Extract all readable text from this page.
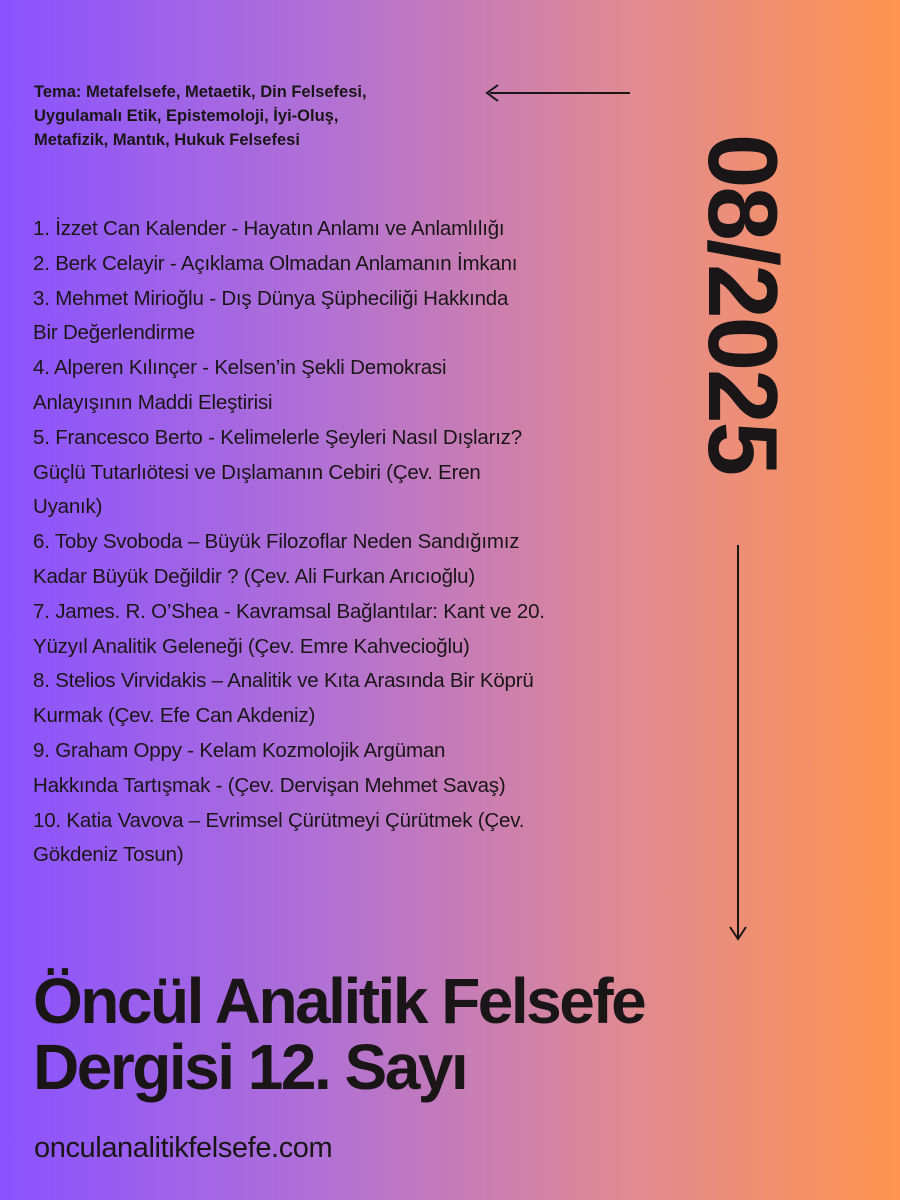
Tema: Metafelsefe, Metaetik, Din Felsefesi,
Uygulamalı Etik, Epistemoloji, İyi-Oluş,
Metafizik, Mantık, Hukuk Felsefesi
1. İzzet Can Kalender - Hayatın Anlamı ve Anlamlılığı
2. Berk Celayir - Açıklama Olmadan Anlamanın İmkanı
3. Mehmet Mirioğlu - Dış Dünya Şüpheciliği Hakkında
Bir Değerlendirme
4. Alperen Kılınçer - Kelsen’in Şekli Demokrasi
Anlayışının Maddi Eleştirisi
5. Francesco Berto - Kelimelerle Şeyleri Nasıl Dışlarız?
Güçlü Tutarlıötesi ve Dışlamanın Cebiri (Çev. Eren
Uyanık)
6. Toby Svoboda – Büyük Filozoflar Neden Sandığımız
Kadar Büyük Değildir ? (Çev. Ali Furkan Arıcıoğlu)
7. James. R. O’Shea - Kavramsal Bağlantılar: Kant ve 20.
Yüzyıl Analitik Geleneği (Çev. Emre Kahvecioğlu)
8. Stelios Virvidakis – Analitik ve Kıta Arasında Bir Köprü
Kurmak (Çev. Efe Can Akdeniz)
9. Graham Oppy - Kelam Kozmolojik Argüman
Hakkında Tartışmak - (Çev. Dervişan Mehmet Savaş)
10. Katia Vavova – Evrimsel Çürütmeyi Çürütmek (Çev.
Gökdeniz Tosun)
08/2025
Öncül Analitik Felsefe
Dergisi 12. Sayı
onculanalitikfelsefe.com
